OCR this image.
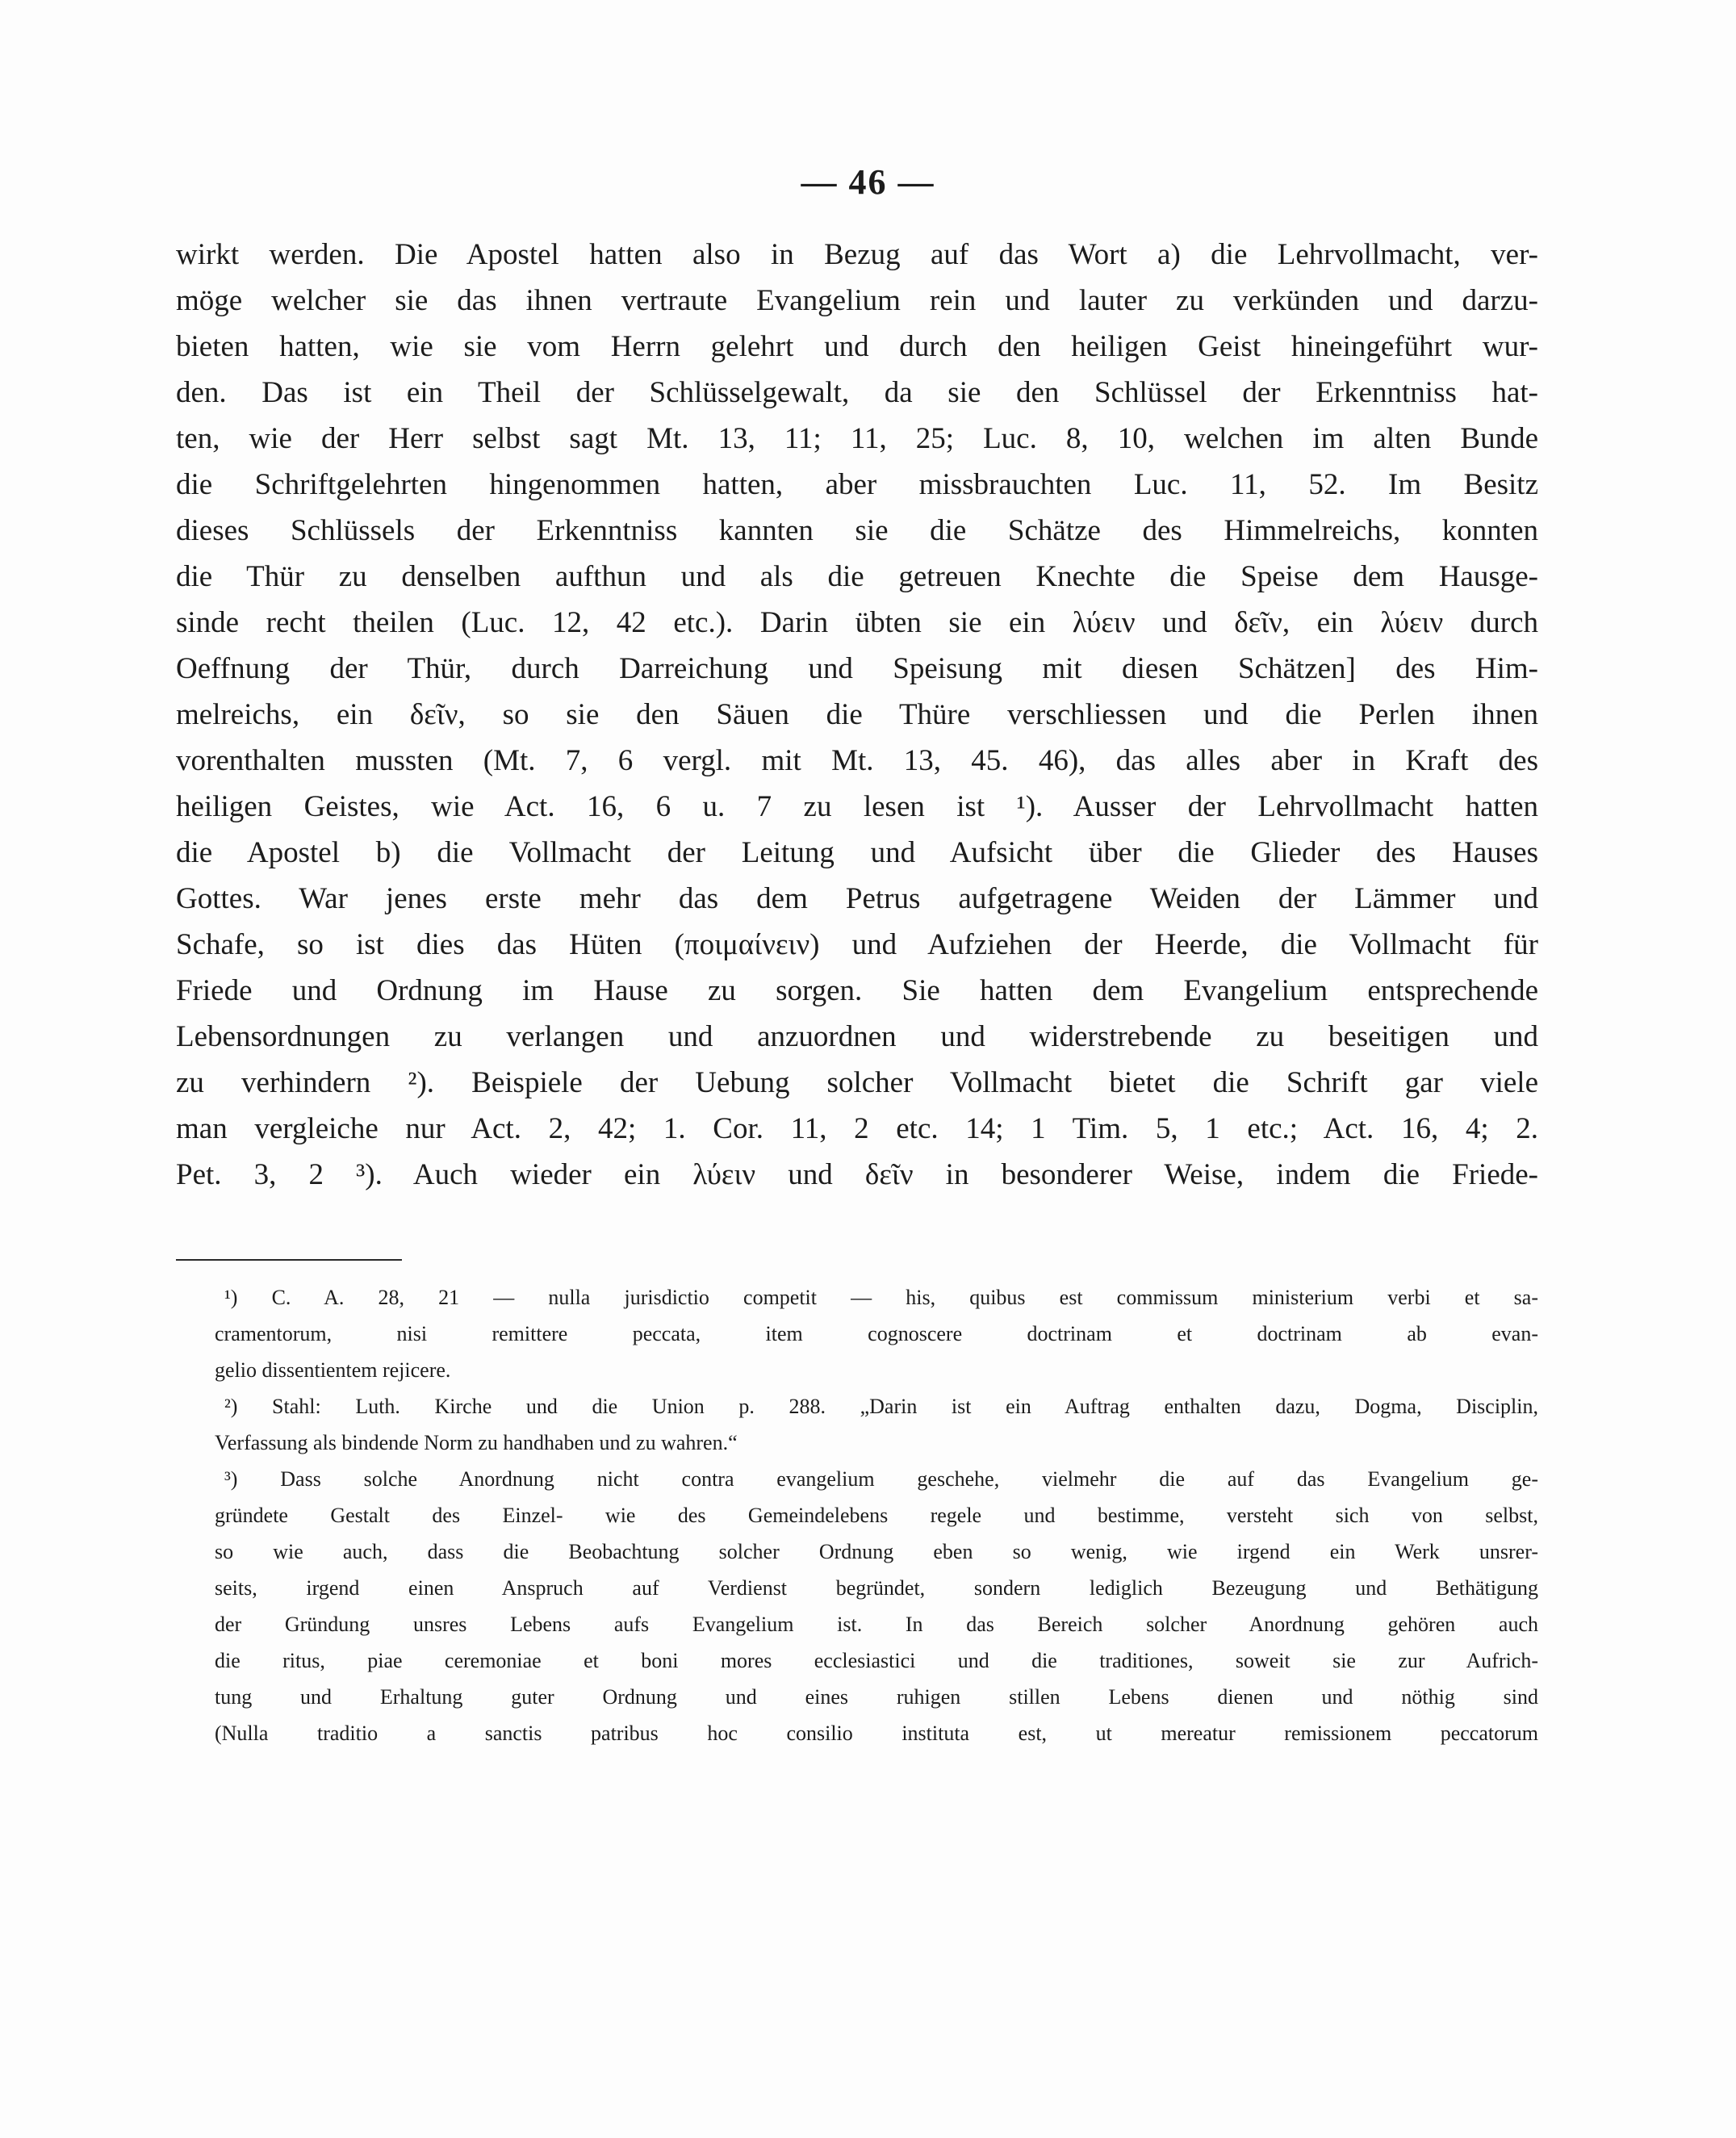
— 46 —
wirkt werden. Die Apostel hatten also in Bezug auf das Wort a) die Lehrvollmacht, ver-
möge welcher sie das ihnen vertraute Evangelium rein und lauter zu verkünden und darzu-
bieten hatten, wie sie vom Herrn gelehrt und durch den heiligen Geist hineingeführt wur-
den. Das ist ein Theil der Schlüsselgewalt, da sie den Schlüssel der Erkenntniss hat-
ten, wie der Herr selbst sagt Mt. 13, 11; 11, 25; Luc. 8, 10, welchen im alten Bunde
die Schriftgelehrten hingenommen hatten, aber missbrauchten Luc. 11, 52. Im Besitz
dieses Schlüssels der Erkenntniss kannten sie die Schätze des Himmelreichs, konnten
die Thür zu denselben aufthun und als die getreuen Knechte die Speise dem Hausge-
sinde recht theilen (Luc. 12, 42 etc.). Darin übten sie ein λύειν und δεῖν, ein λύειν durch
Oeffnung der Thür, durch Darreichung und Speisung mit diesen Schätzen] des Him-
melreichs, ein δεῖν, so sie den Säuen die Thüre verschliessen und die Perlen ihnen
vorenthalten mussten (Mt. 7, 6 vergl. mit Mt. 13, 45. 46), das alles aber in Kraft des
heiligen Geistes, wie Act. 16, 6 u. 7 zu lesen ist ¹). Ausser der Lehrvollmacht hatten
die Apostel b) die Vollmacht der Leitung und Aufsicht über die Glieder des Hauses
Gottes. War jenes erste mehr das dem Petrus aufgetragene Weiden der Lämmer und
Schafe, so ist dies das Hüten (ποιμαίνειν) und Aufziehen der Heerde, die Vollmacht für
Friede und Ordnung im Hause zu sorgen. Sie hatten dem Evangelium entsprechende
Lebensordnungen zu verlangen und anzuordnen und widerstrebende zu beseitigen und
zu verhindern ²). Beispiele der Uebung solcher Vollmacht bietet die Schrift gar viele
man vergleiche nur Act. 2, 42; 1. Cor. 11, 2 etc. 14; 1 Tim. 5, 1 etc.; Act. 16, 4; 2.
Pet. 3, 2 ³). Auch wieder ein λύειν und δεῖν in besonderer Weise, indem die Friede-
¹) C. A. 28, 21 — nulla jurisdictio competit — his, quibus est commissum ministerium verbi et sa-
cramentorum, nisi remittere peccata, item cognoscere doctrinam et doctrinam ab evan-
gelio dissentientem rejicere.
²) Stahl: Luth. Kirche und die Union p. 288. „Darin ist ein Auftrag enthalten dazu, Dogma, Disciplin,
Verfassung als bindende Norm zu handhaben und zu wahren.“
³) Dass solche Anordnung nicht contra evangelium geschehe, vielmehr die auf das Evangelium ge-
gründete Gestalt des Einzel- wie des Gemeindelebens regele und bestimme, versteht sich von selbst,
so wie auch, dass die Beobachtung solcher Ordnung eben so wenig, wie irgend ein Werk unsrer-
seits, irgend einen Anspruch auf Verdienst begründet, sondern lediglich Bezeugung und Bethätigung
der Gründung unsres Lebens aufs Evangelium ist. In das Bereich solcher Anordnung gehören auch
die ritus, piae ceremoniae et boni mores ecclesiastici und die traditiones, soweit sie zur Aufrich-
tung und Erhaltung guter Ordnung und eines ruhigen stillen Lebens dienen und nöthig sind
(Nulla traditio a sanctis patribus hoc consilio instituta est, ut mereatur remissionem peccatorum
